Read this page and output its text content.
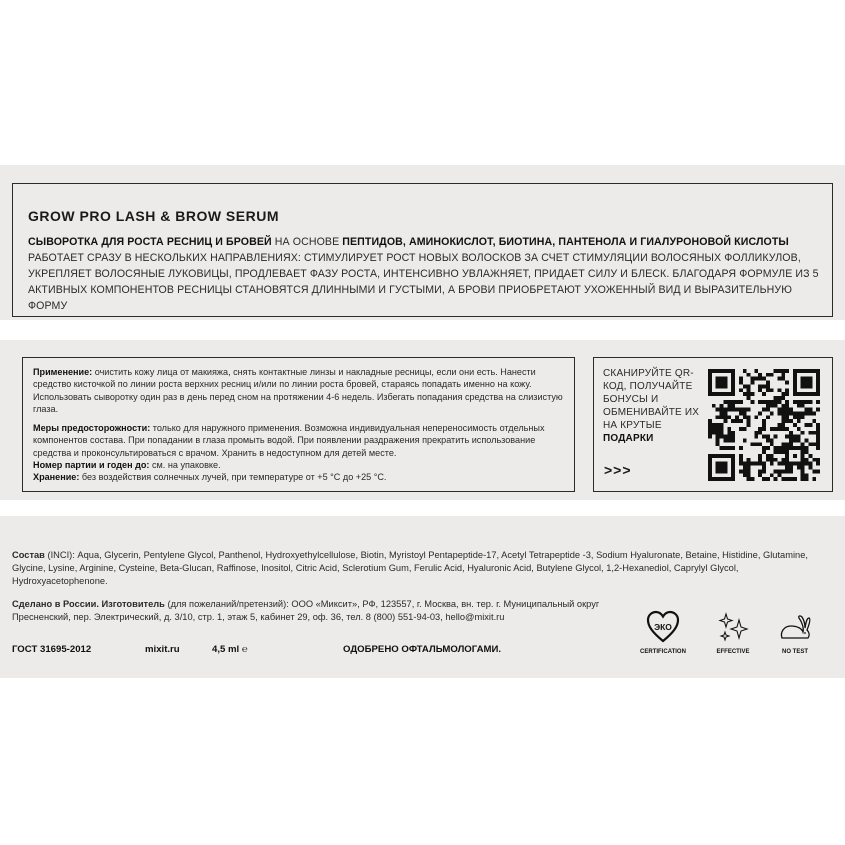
GROW PRO LASH & BROW SERUM
СЫВОРОТКА ДЛЯ РОСТА РЕСНИЦ И БРОВЕЙ НА ОСНОВЕ ПЕПТИДОВ, АМИНОКИСЛОТ, БИОТИНА, ПАНТЕНОЛА И ГИАЛУРОНОВОЙ КИСЛОТЫ РАБОТАЕТ СРАЗУ В НЕСКОЛЬКИХ НАПРАВЛЕНИЯХ: СТИМУЛИРУЕТ РОСТ НОВЫХ ВОЛОСКОВ ЗА СЧЕТ СТИМУЛЯЦИИ ВОЛОСЯНЫХ ФОЛЛИКУЛОВ, УКРЕПЛЯЕТ ВОЛОСЯНЫЕ ЛУКОВИЦЫ, ПРОДЛЕВАЕТ ФАЗУ РОСТА, ИНТЕНСИВНО УВЛАЖНЯЕТ, ПРИДАЕТ СИЛУ И БЛЕСК. БЛАГОДАРЯ ФОРМУЛЕ ИЗ 5 АКТИВНЫХ КОМПОНЕНТОВ РЕСНИЦЫ СТАНОВЯТСЯ ДЛИННЫМИ И ГУСТЫМИ, А БРОВИ ПРИОБРЕТАЮТ УХОЖЕННЫЙ ВИД И ВЫРАЗИТЕЛЬНУЮ ФОРМУ
Применение: очистить кожу лица от макияжа, снять контактные линзы и накладные ресницы, если они есть. Нанести средство кисточкой по линии роста верхних ресниц и/или по линии роста бровей, стараясь попадать именно на кожу. Использовать сыворотку один раз в день перед сном на протяжении 4-6 недель. Избегать попадания средства на слизистую глаза.
Меры предосторожности: только для наружного применения. Возможна индивидуальная непереносимость отдельных компонентов состава. При попадании в глаза промыть водой. При появлении раздражения прекратить использование средства и проконсультироваться с врачом. Хранить в недоступном для детей месте.
Номер партии и годен до: см. на упаковке.
Хранение: без воздействия солнечных лучей, при температуре от +5 °С до +25 °С.
СКАНИРУЙТЕ QR-КОД, ПОЛУЧАЙТЕ БОНУСЫ И ОБМЕНИВАЙТЕ ИХ НА КРУТЫЕ
ПОДАРКИ
>>>
Состав (INCI): Aqua, Glycerin, Pentylene Glycol, Panthenol, Hydroxyethylcellulose, Biotin, Myristoyl Pentapeptide-17, Acetyl Tetrapeptide -3, Sodium Hyaluronate, Betaine, Histidine, Glutamine, Glycine, Lysine, Arginine, Cysteine, Beta-Glucan, Raffinose, Inositol, Citric Acid, Sclerotium Gum, Ferulic Acid, Hyaluronic Acid, Butylene Glycol, 1,2-Hexanediol, Caprylyl Glycol, Hydroxyacetophenone.
Сделано в России. Изготовитель (для пожеланий/претензий): ООО «Миксит», РФ, 123557, г. Москва, вн. тер. г. Муниципальный округ Пресненский, пер. Электрический, д. 3/10, стр. 1, этаж 5, кабинет 29, оф. 36, тел. 8 (800) 551-94-03, hello@mixit.ru
ГОСТ 31695-2012	mixit.ru	4,5 ml ℮	ОДОБРЕНО ОФТАЛЬМОЛОГАМИ.
ЭКО
CERTIFICATION	EFFECTIVE	NO TEST
